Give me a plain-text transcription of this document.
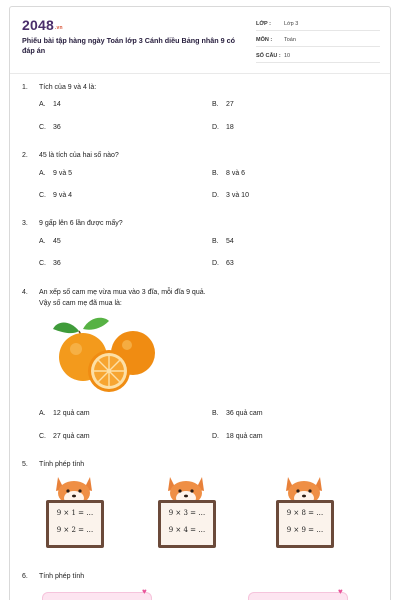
$2048^{.vn}$
Phiếu bài tập hàng ngày Toán lớp 3 Cánh diều Bảng nhân 9 có đáp án
LỚP : Lớp 3
MÔN : Toán
SỐ CÂU : 10
1.	Tích của 9 và 4 là:
A. 14	B. 27
C. 36	D. 18
2.	45 là tích của hai số nào?
A. 9 và 5	B. 8 và 6
C. 9 và 4	D. 3 và 10
3.	9 gấp lên 6 lần được mấy?
A. 45	B. 54
C. 36	D. 63
4.	An xếp số cam mẹ vừa mua vào 3 đĩa, mỗi đĩa 9 quả.
Vậy số cam mẹ đã mua là:
A. 12 quả cam	B. 36 quả cam
C. 27 quả cam	D. 18 quả cam
5.	Tính phép tính
9 × 1 = …
9 × 2 = …
9 × 3 = …
9 × 4 = …
9 × 8 = …
9 × 9 = …
6.	Tính phép tính
♥	♥
